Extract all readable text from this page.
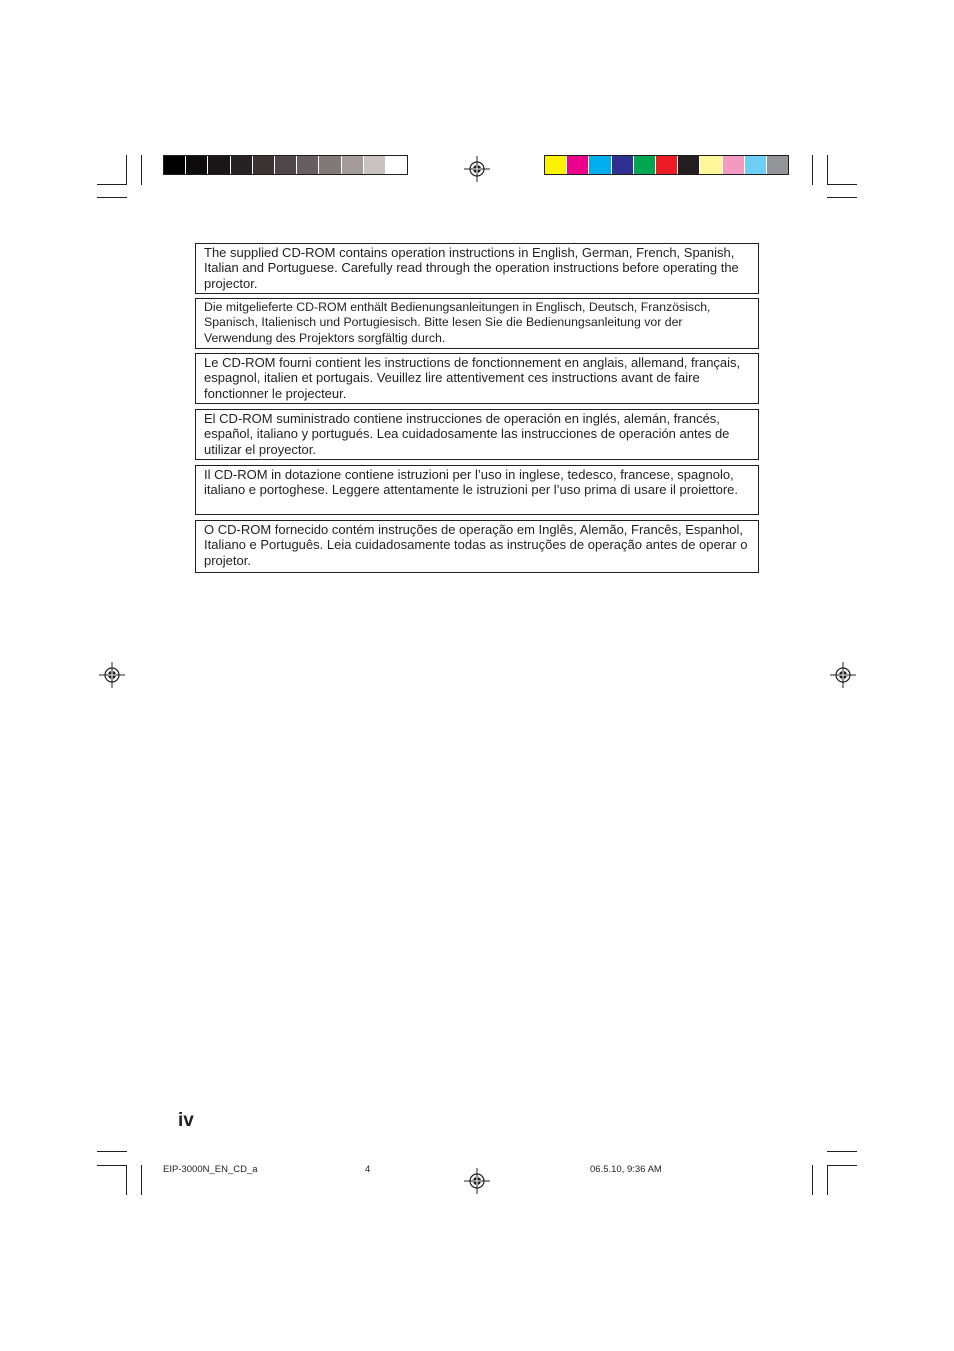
The supplied CD-ROM contains operation instructions in English, German, French, Spanish, Italian and Portuguese. Carefully read through the operation instructions before operating the projector.
Die mitgelieferte CD-ROM enthält Bedienungsanleitungen in Englisch, Deutsch, Französisch, Spanisch, Italienisch und Portugiesisch. Bitte lesen Sie die Bedienungsanleitung vor der Verwendung des Projektors sorgfältig durch.
Le CD-ROM fourni contient les instructions de fonctionnement en anglais, allemand, français, espagnol, italien et portugais. Veuillez lire attentivement ces instructions avant de faire fonctionner le projecteur.
El CD-ROM suministrado contiene instrucciones de operación en inglés, alemán, francés, español, italiano y portugués. Lea cuidadosamente las instrucciones de operación antes de utilizar el proyector.
Il CD-ROM in dotazione contiene istruzioni per l’uso in inglese, tedesco, francese, spagnolo, italiano e portoghese. Leggere attentamente le istruzioni per l’uso prima di usare il proiettore.
O CD-ROM fornecido contém instruções de operação em Inglês, Alemão, Francês, Espanhol, Italiano e Português. Leia cuidadosamente todas as instruções de operação antes de operar o projetor.
iv
EIP-3000N_EN_CD_a	4	06.5.10, 9:36 AM
